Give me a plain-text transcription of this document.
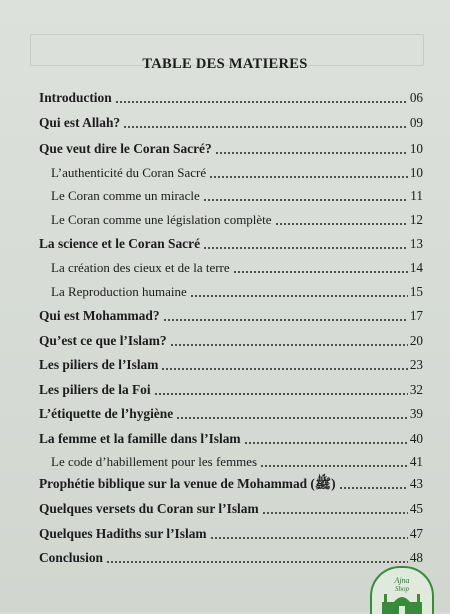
TABLE DES MATIERES
Introduction	06
Qui est Allah?	09
Que veut dire le Coran Sacré?	10
L’authenticité du Coran Sacré	10
Le Coran comme un miracle	11
Le Coran comme une législation complète	12
La science et le Coran Sacré	13
La création des cieux et de la terre	14
La Reproduction humaine	15
Qui est Mohammad?	17
Qu’est ce que l’Islam?	20
Les piliers de l’Islam	23
Les piliers de la Foi	32
L’étiquette de l’hygiène	39
La femme et la famille dans l’Islam	40
Le code d’habillement pour les femmes	41
Prophétie biblique sur la venue de Mohammad (ﷺ)	43
Quelques versets du Coran sur l’Islam	45
Quelques Hadiths sur l’Islam	47
Conclusion	48
Ajna
Shop
